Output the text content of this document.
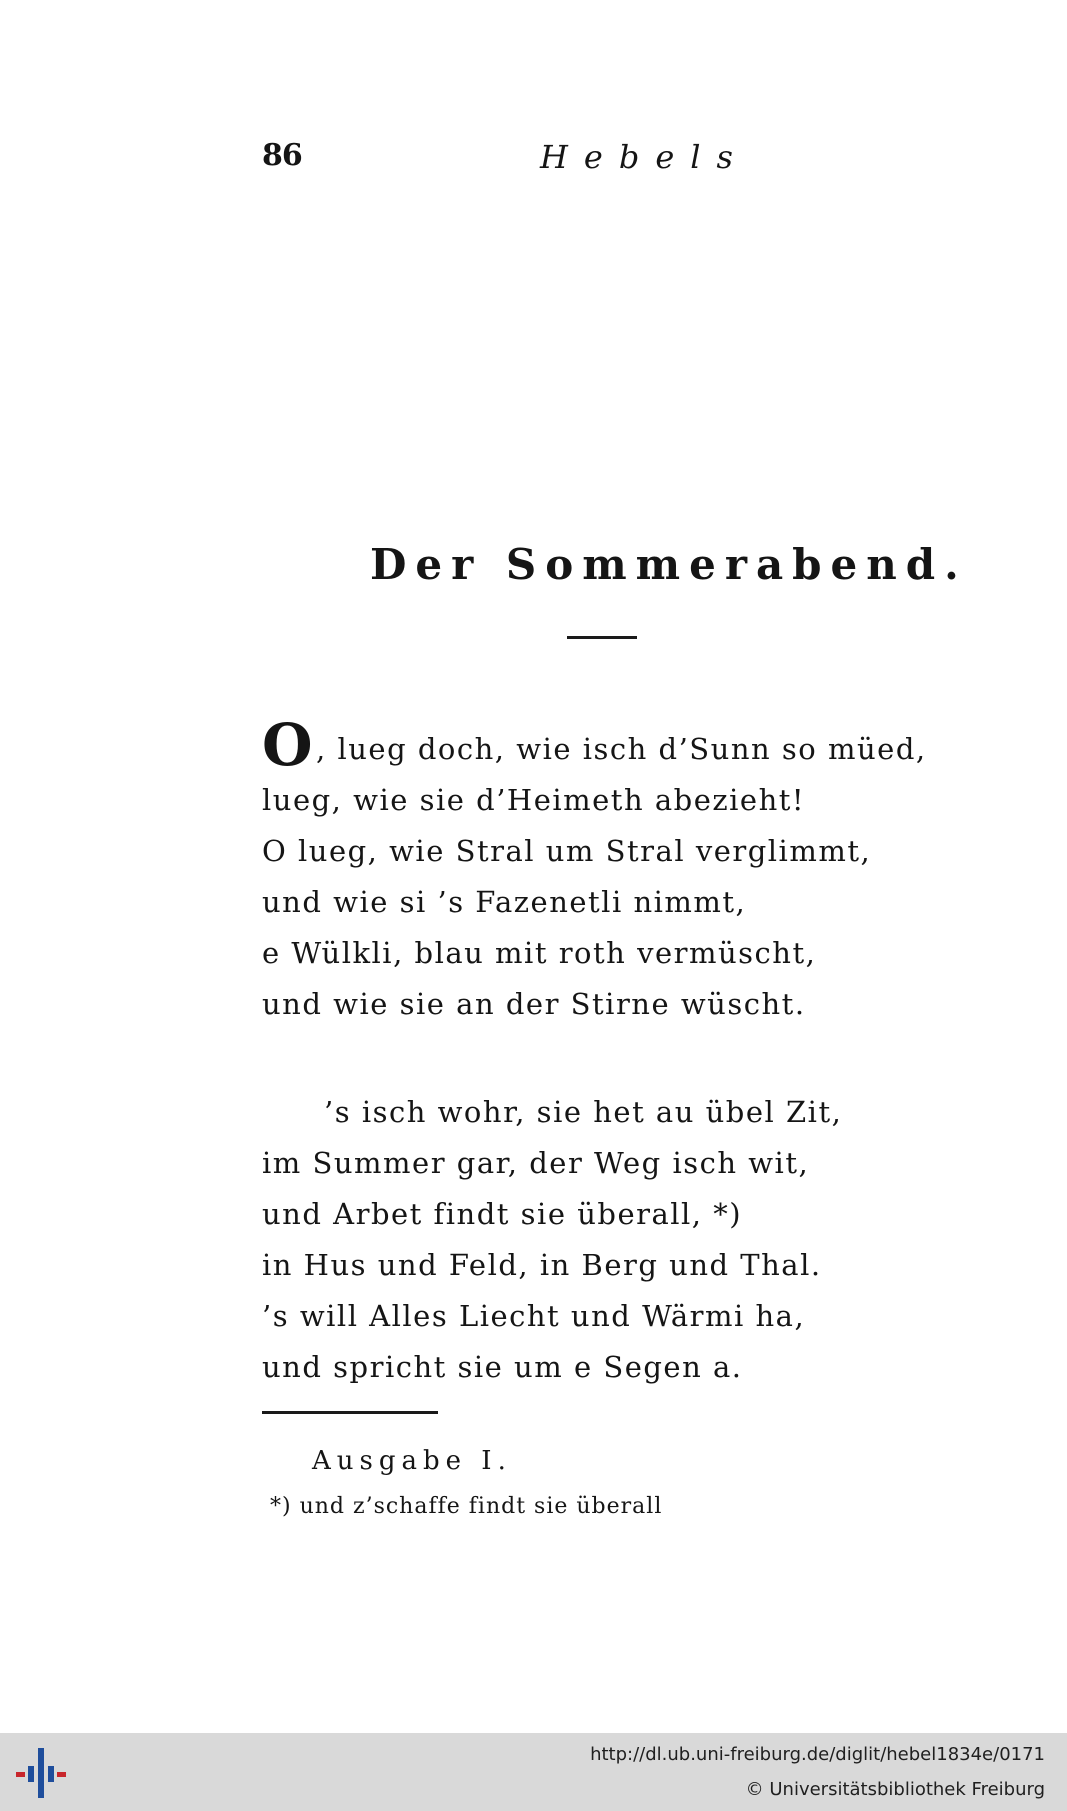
86	Hebels
Der Sommerabend.
O, lueg doch, wie isch d’Sunn so müed,
lueg, wie sie d’Heimeth abezieht!
O lueg, wie Stral um Stral verglimmt,
und wie si ’s Fazenetli nimmt,
e Wülkli, blau mit roth vermüscht,
und wie sie an der Stirne wüscht.
’s isch wohr, sie het au übel Zit,
im Summer gar, der Weg isch wit,
und Arbet findt sie überall, *)
in Hus und Feld, in Berg und Thal.
’s will Alles Liecht und Wärmi ha,
und spricht sie um e Segen a.
Ausgabe I.
*) und z’schaffe findt sie überall
http://dl.ub.uni-freiburg.de/diglit/hebel1834e/0171
© Universitätsbibliothek Freiburg
